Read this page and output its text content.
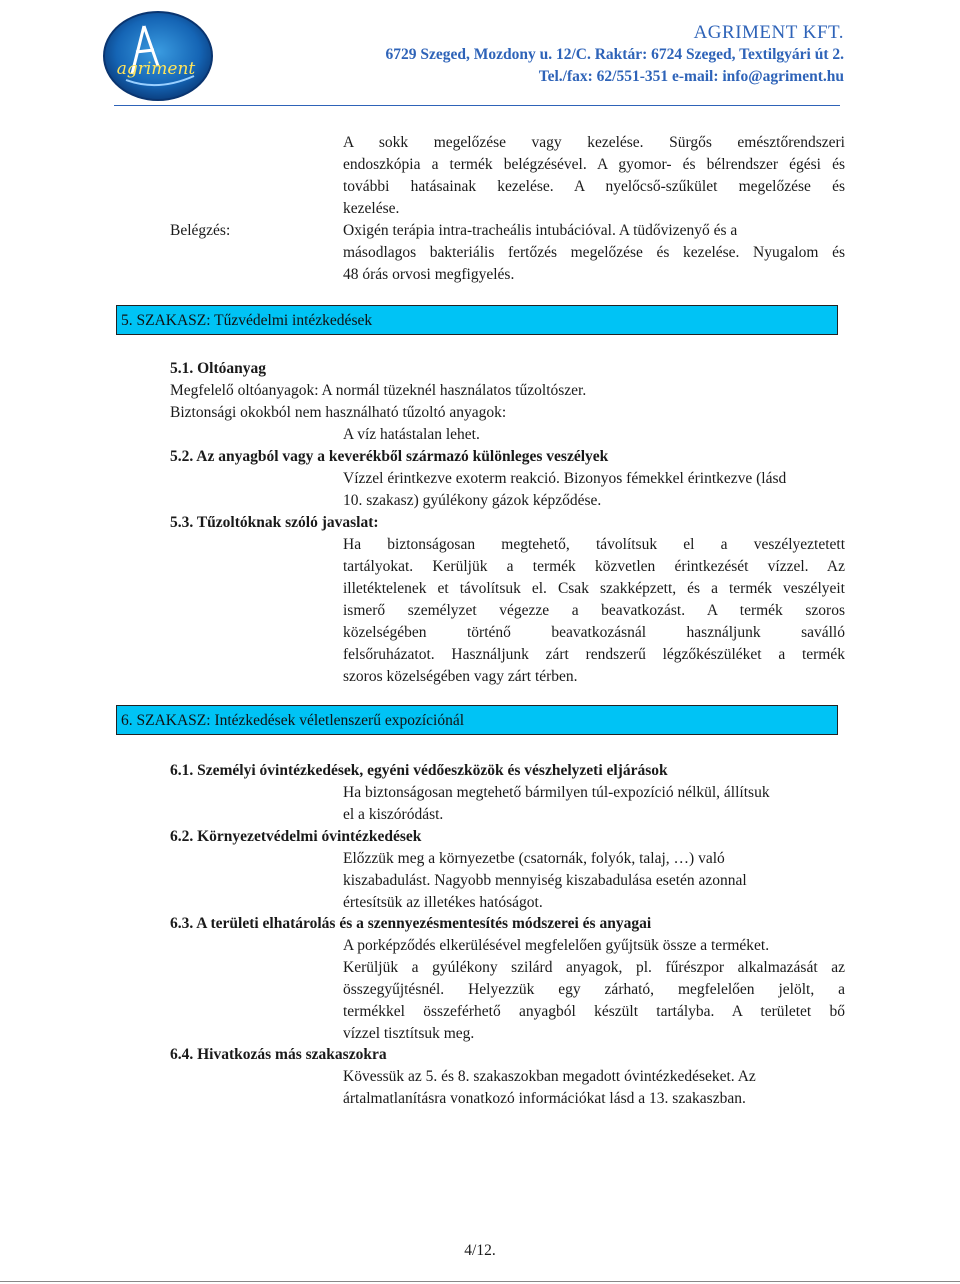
agriment
AGRIMENT KFT.
6729 Szeged, Mozdony u. 12/C. Raktár: 6724 Szeged, Textilgyári út 2.
Tel./fax: 62/551-351 e-mail: info@agriment.hu
A sokk megelőzése vagy kezelése. Sürgős emésztőrendszeri
endoszkópia a termék belégzésével. A gyomor- és bélrendszer égési és
további hatásainak kezelése. A nyelőcső-szűkület megelőzése és
kezelése.
Belégzés:	Oxigén terápia intra-tracheális intubációval. A tüdővizenyő és a
másodlagos bakteriális fertőzés megelőzése és kezelése. Nyugalom és
48 órás orvosi megfigyelés.
5. SZAKASZ: Tűzvédelmi intézkedések
5.1. Oltóanyag
Megfelelő oltóanyagok: A normál tüzeknél használatos tűzoltószer.
Biztonsági okokból nem használható tűzoltó anyagok:
A víz hatástalan lehet.
5.2. Az anyagból vagy a keverékből származó különleges veszélyek
Vízzel érintkezve exoterm reakció. Bizonyos fémekkel érintkezve (lásd
10. szakasz) gyúlékony gázok képződése.
5.3. Tűzoltóknak szóló javaslat:
Ha biztonságosan megtehető, távolítsuk el a veszélyeztetett
tartályokat. Kerüljük a termék közvetlen érintkezését vízzel. Az
illetéktelenek et távolítsuk el. Csak szakképzett, és a termék veszélyeit
ismerő személyzet végezze a beavatkozást. A termék szoros
közelségében történő beavatkozásnál használjunk saválló
felsőruházatot. Használjunk zárt rendszerű légzőkészüléket a termék
szoros közelségében vagy zárt térben.
6. SZAKASZ: Intézkedések véletlenszerű expozíciónál
6.1. Személyi óvintézkedések, egyéni védőeszközök és vészhelyzeti eljárások
Ha biztonságosan megtehető bármilyen túl-expozíció nélkül, állítsuk
el a kiszóródást.
6.2. Környezetvédelmi óvintézkedések
Előzzük meg a környezetbe (csatornák, folyók, talaj, …) való
kiszabadulást. Nagyobb mennyiség kiszabadulása esetén azonnal
értesítsük az illetékes hatóságot.
6.3. A területi elhatárolás és a szennyezésmentesítés módszerei és anyagai
A porképződés elkerülésével megfelelően gyűjtsük össze a terméket.
Kerüljük a gyúlékony szilárd anyagok, pl. fűrészpor alkalmazását az
összegyűjtésnél. Helyezzük egy zárható, megfelelően jelölt, a
termékkel összeférhető anyagból készült tartályba. A területet bő
vízzel tisztítsuk meg.
6.4. Hivatkozás más szakaszokra
Kövessük az 5. és 8. szakaszokban megadott óvintézkedéseket. Az
ártalmatlanításra vonatkozó információkat lásd a 13. szakaszban.
4/12.
